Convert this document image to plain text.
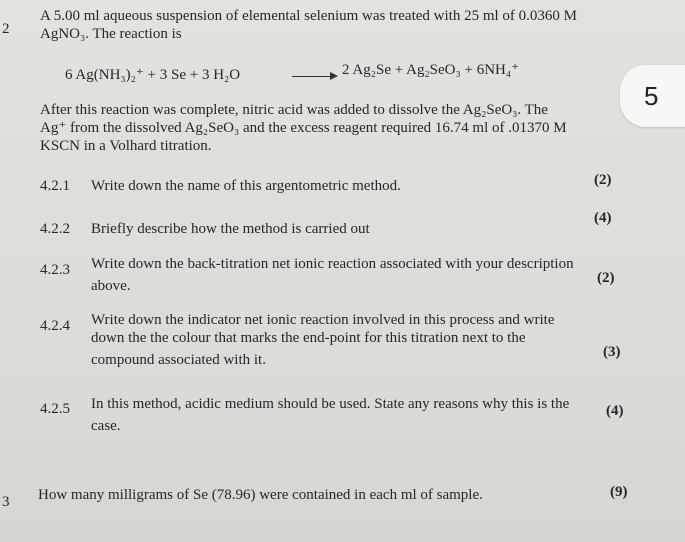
2
3
A 5.00 ml aqueous suspension of elemental selenium was treated with 25 ml of 0.0360 M
AgNO₃. The reaction is
6 Ag(NH₃)₂⁺ + 3 Se + 3 H₂O	2 Ag₂Se + Ag₂SeO₃ + 6NH₄⁺
After this reaction was complete, nitric acid was added to dissolve the Ag₂SeO₃. The
Ag⁺ from the dissolved Ag₂SeO₃ and the excess reagent required 16.74 ml of .01370 M
KSCN in a Volhard titration.
4.2.1 Write down the name of this argentometric method.	(2)
4.2.2 Briefly describe how the method is carried out
(4)
4.2.3 Write down the back-titration net ionic reaction associated with your description
above.	(2)
4.2.4 Write down the indicator net ionic reaction involved in this process and write
down the the colour that marks the end-point for this titration next to the
compound associated with it.	(3)
4.2.5 In this method, acidic medium should be used. State any reasons why this is the
case.
(4)
How many milligrams of Se (78.96) were contained in each ml of sample.	(9)
5
